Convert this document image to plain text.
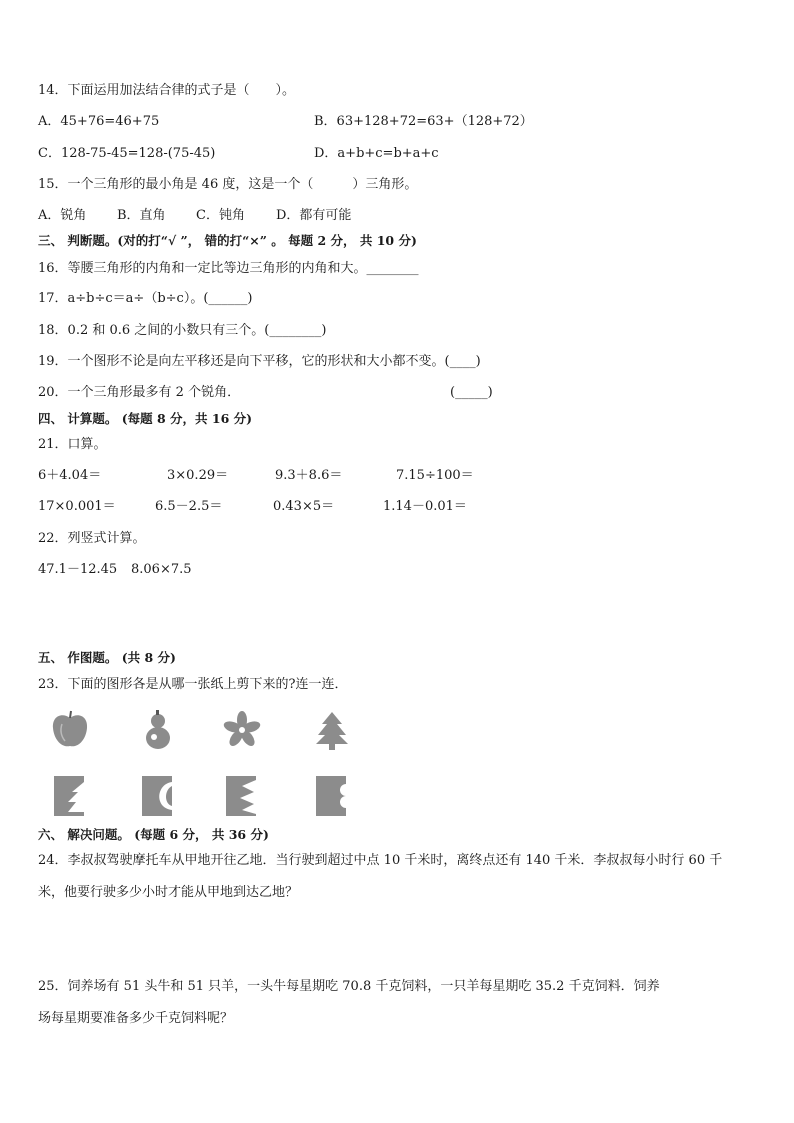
14．下面运用加法结合律的式子是（　　）。
A．45+76=46+75	B．63+128+72=63+（128+72）
C．128-75-45=128-(75-45)	D．a+b+c=b+a+c
15．一个三角形的最小角是 46 度，这是一个（　　　）三角形。
A．锐角 B．直角 C．钝角 D．都有可能
三、 判断题。(对的打“√ ”， 错的打“×” 。 每题 2 分， 共 10 分)
16．等腰三角形的内角和一定比等边三角形的内角和大。________
17．a÷b÷c＝a÷（b÷c）。(______)
18．0.2 和 0.6 之间的小数只有三个。(________)
19．一个图形不论是向左平移还是向下平移，它的形状和大小都不变。(____)
20．一个三角形最多有 2 个锐角．	(_____)
四、 计算题。 (每题 8 分，共 16 分)
21．口算。
6＋4.04＝	3×0.29＝	9.3＋8.6＝	7.15÷100＝
17×0.001＝	6.5－2.5＝	0.43×5＝	1.14－0.01＝
22．列竖式计算。
47.1－12.45 8.06×7.5
五、 作图题。 (共 8 分)
23．下面的图形各是从哪一张纸上剪下来的?连一连．
六、 解决问题。 (每题 6 分， 共 36 分)
24．李叔叔驾驶摩托车从甲地开往乙地．当行驶到超过中点 10 千米时，离终点还有 140 千米．李叔叔每小时行 60 千
米，他要行驶多少小时才能从甲地到达乙地？
25．饲养场有 51 头牛和 51 只羊，一头牛每星期吃 70.8 千克饲料，一只羊每星期吃 35.2 千克饲料．饲养
场每星期要准备多少千克饲料呢？
